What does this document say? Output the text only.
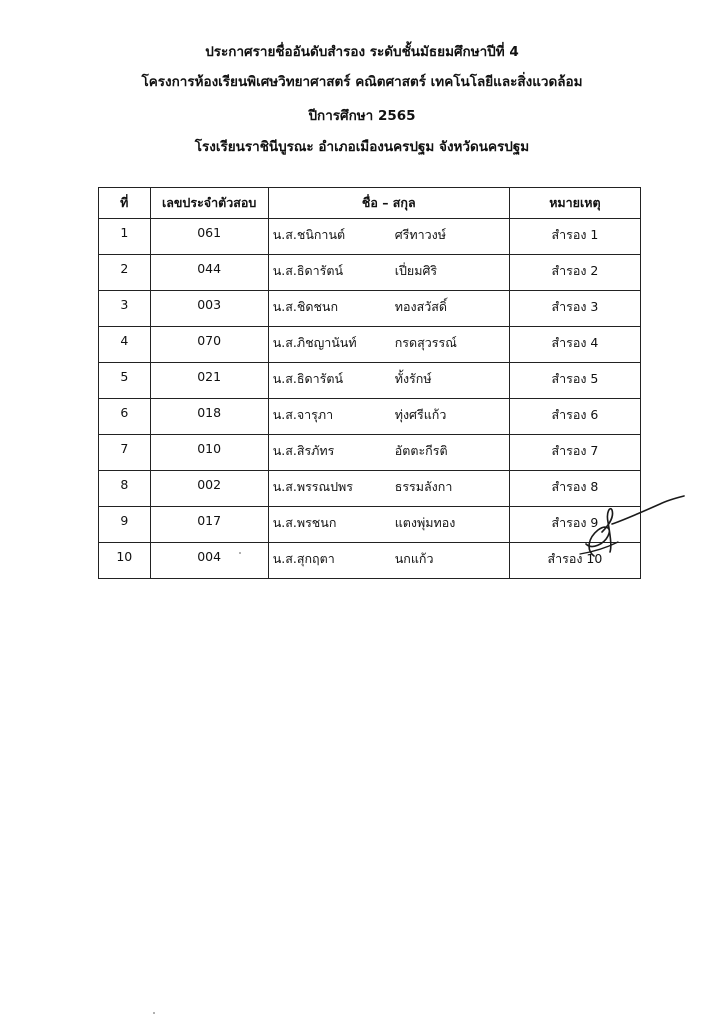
ประกาศรายชื่ออันดับสำรอง ระดับชั้นมัธยมศึกษาปีที่ 4
โครงการห้องเรียนพิเศษวิทยาศาสตร์ คณิตศาสตร์ เทคโนโลยีและสิ่งแวดล้อม
ปีการศึกษา 2565
โรงเรียนราชินีบูรณะ อำเภอเมืองนครปฐม จังหวัดนครปฐม
ที่	เลขประจำตัวสอบ	ชื่อ – สกุล	หมายเหตุ
1	061	น.ส.ชนิกานต์ ศรีทาวงษ์	สำรอง 1
2	044	น.ส.ธิดารัตน์ เปี่ยมศิริ	สำรอง 2
3	003	น.ส.ชิดชนก ทองสวัสดิ์	สำรอง 3
4	070	น.ส.ภิชญานันท์ กรดสุวรรณ์	สำรอง 4
5	021	น.ส.ธิดารัตน์ ทั้งรักษ์	สำรอง 5
6	018	น.ส.จารุภา ทุ่งศรีแก้ว	สำรอง 6
7	010	น.ส.สิรภัทร อัตตะกีรติ	สำรอง 7
8	002	น.ส.พรรณปพร ธรรมลังกา	สำรอง 8
9	017	น.ส.พรชนก แตงพุ่มทอง	สำรอง 9
10	004	น.ส.สุกฤตา นกแก้ว	สำรอง 10
